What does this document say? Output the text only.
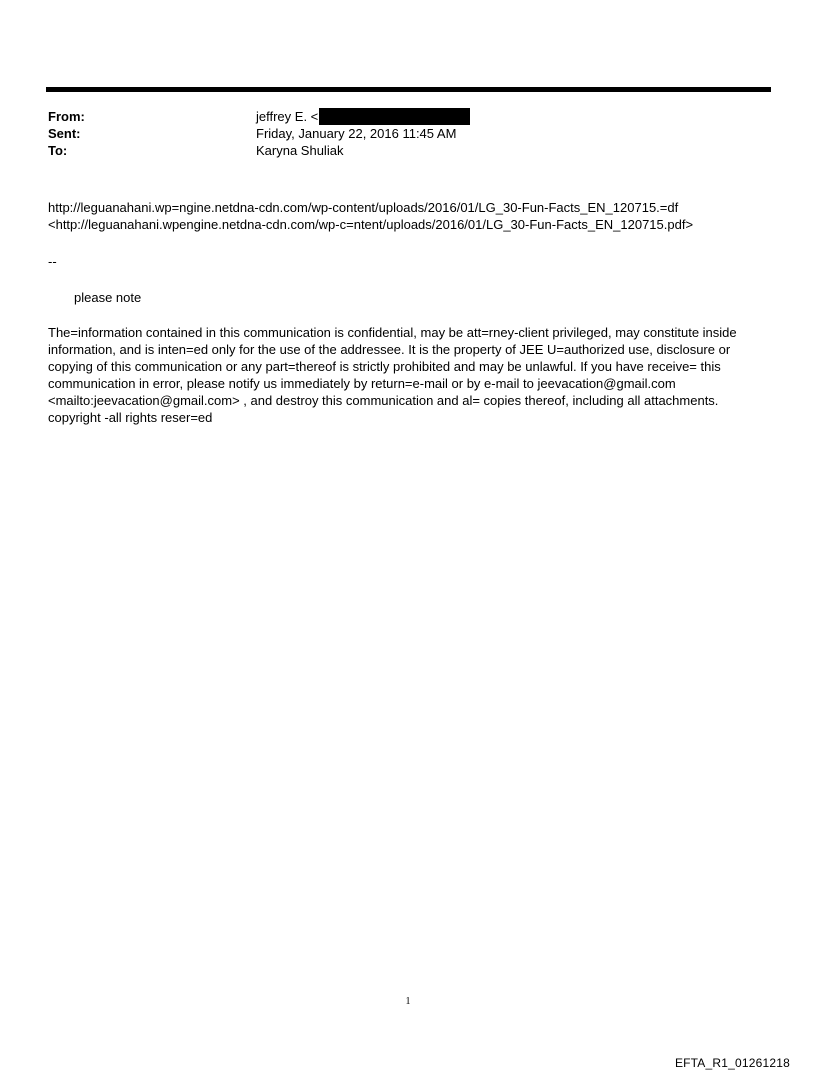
From:	jeffrey E. <
Sent:	Friday, January 22, 2016 11:45 AM
To:	Karyna Shuliak
http://leguanahani.wp=ngine.netdna-cdn.com/wp-content/uploads/2016/01/LG_30-Fun-Facts_EN_120715.=df
<http://leguanahani.wpengine.netdna-cdn.com/wp-c=ntent/uploads/2016/01/LG_30-Fun-Facts_EN_120715.pdf>
--
please note
The=information contained in this communication is confidential, may be att=rney-client privileged, may constitute inside information, and is inten=ed only for the use of the addressee. It is the property of JEE U=authorized use, disclosure or copying of this communication or any part=thereof is strictly prohibited and may be unlawful. If you have receive= this communication in error, please notify us immediately by return=e-mail or by e-mail to jeevacation@gmail.com <mailto:jeevacation@gmail.com> , and destroy this communication and al= copies thereof, including all attachments. copyright -all rights reser=ed
1
EFTA_R1_01261218
